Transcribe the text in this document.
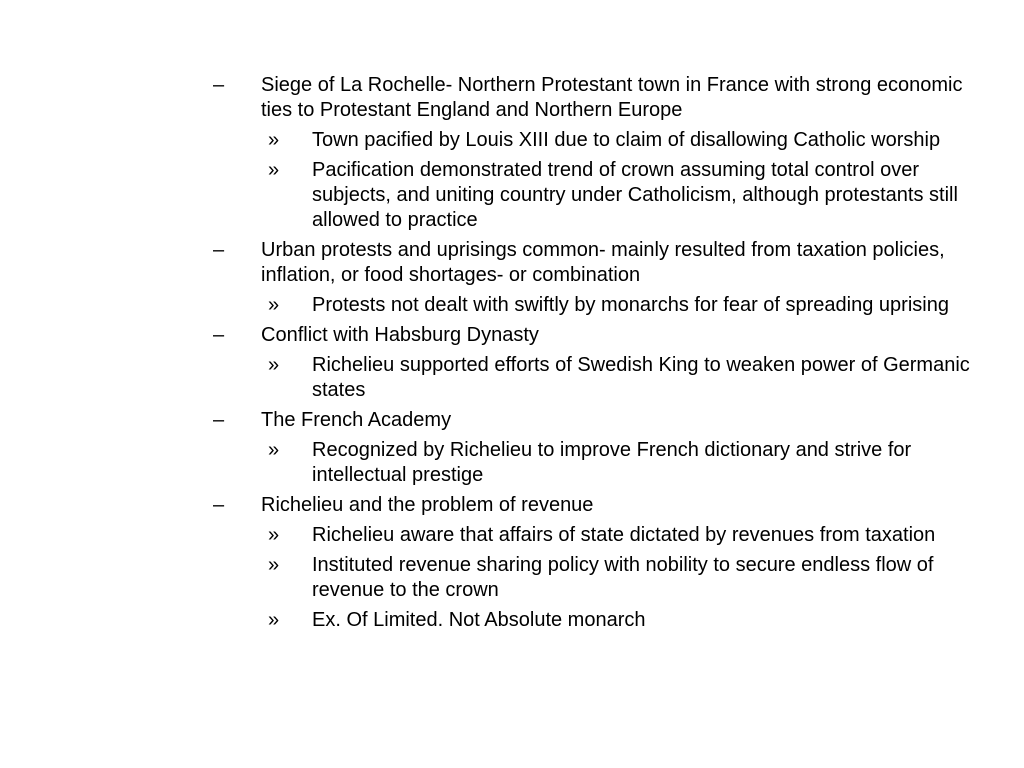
–	Siege of La Rochelle- Northern Protestant town in France with strong economic ties to Protestant England and Northern Europe
»	Town pacified by Louis XIII due to claim of disallowing Catholic worship
»	Pacification demonstrated trend of crown assuming total control over subjects, and uniting country under Catholicism, although protestants still allowed to practice
–	Urban protests and uprisings common- mainly resulted from taxation policies, inflation, or food shortages- or combination
»	Protests not dealt with swiftly by monarchs for fear of spreading uprising
–	Conflict with Habsburg Dynasty
»	Richelieu supported efforts of Swedish King to weaken power of Germanic states
–	The French Academy
»	Recognized by Richelieu to improve French dictionary and strive for intellectual prestige
–	Richelieu and the problem of revenue
»	Richelieu aware that affairs of state dictated by revenues from taxation
»	Instituted revenue sharing policy with nobility to secure endless flow of revenue to the crown
»	Ex. Of Limited. Not Absolute monarch
